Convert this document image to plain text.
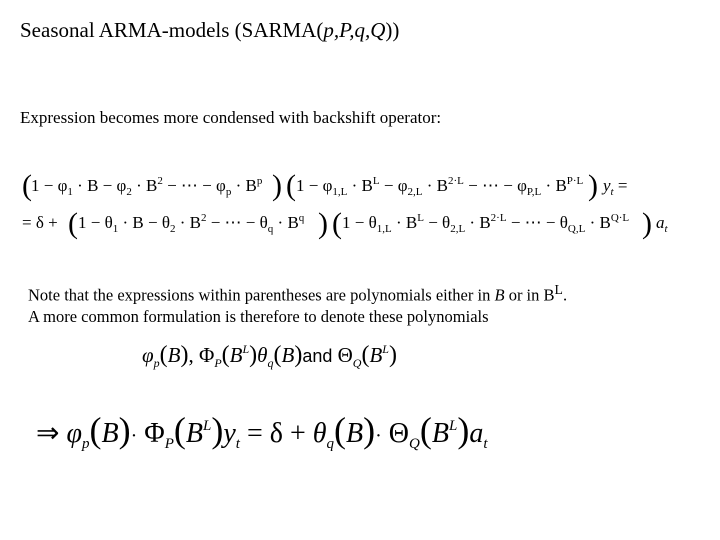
Seasonal ARMA-models (SARMA(p,P,q,Q))
Expression becomes more condensed with backshift operator:
( $1 - \varphi_1 \cdot B - \varphi_2 \cdot B^2$ − ⋯ − $\varphi_p \cdot B^p$ ) ( $1 - \varphi_{1,L} \cdot B^L - \varphi_{2,L} \cdot B^{2\cdot L}$ − ⋯ − $\varphi_{P,L} \cdot B^{P\cdot L}$ ) $y_t$ =
= δ + ( $1 - \theta_1 \cdot B - \theta_2 \cdot B^2$ − ⋯ − $\theta_q \cdot B^q$ ) ( $1 - \theta_{1,L} \cdot B^L - \theta_{2,L} \cdot B^{2\cdot L}$ − ⋯ − $\theta_{Q,L} \cdot B^{Q\cdot L}$ ) $a_t$
$\varphi_p(B)$, $\Phi_P(B^L)\theta_q(B)and$ $\Theta_Q(B^L)$
⇒ $\varphi_p(B)\cdot \Phi_P(B^L)y_t = \delta + \theta_q(B)\cdot \Theta_Q(B^L)a_t$
Note that the expressions within parentheses are polynomials either in B or in $B^L$.
A more common formulation is therefore to denote these polynomials
